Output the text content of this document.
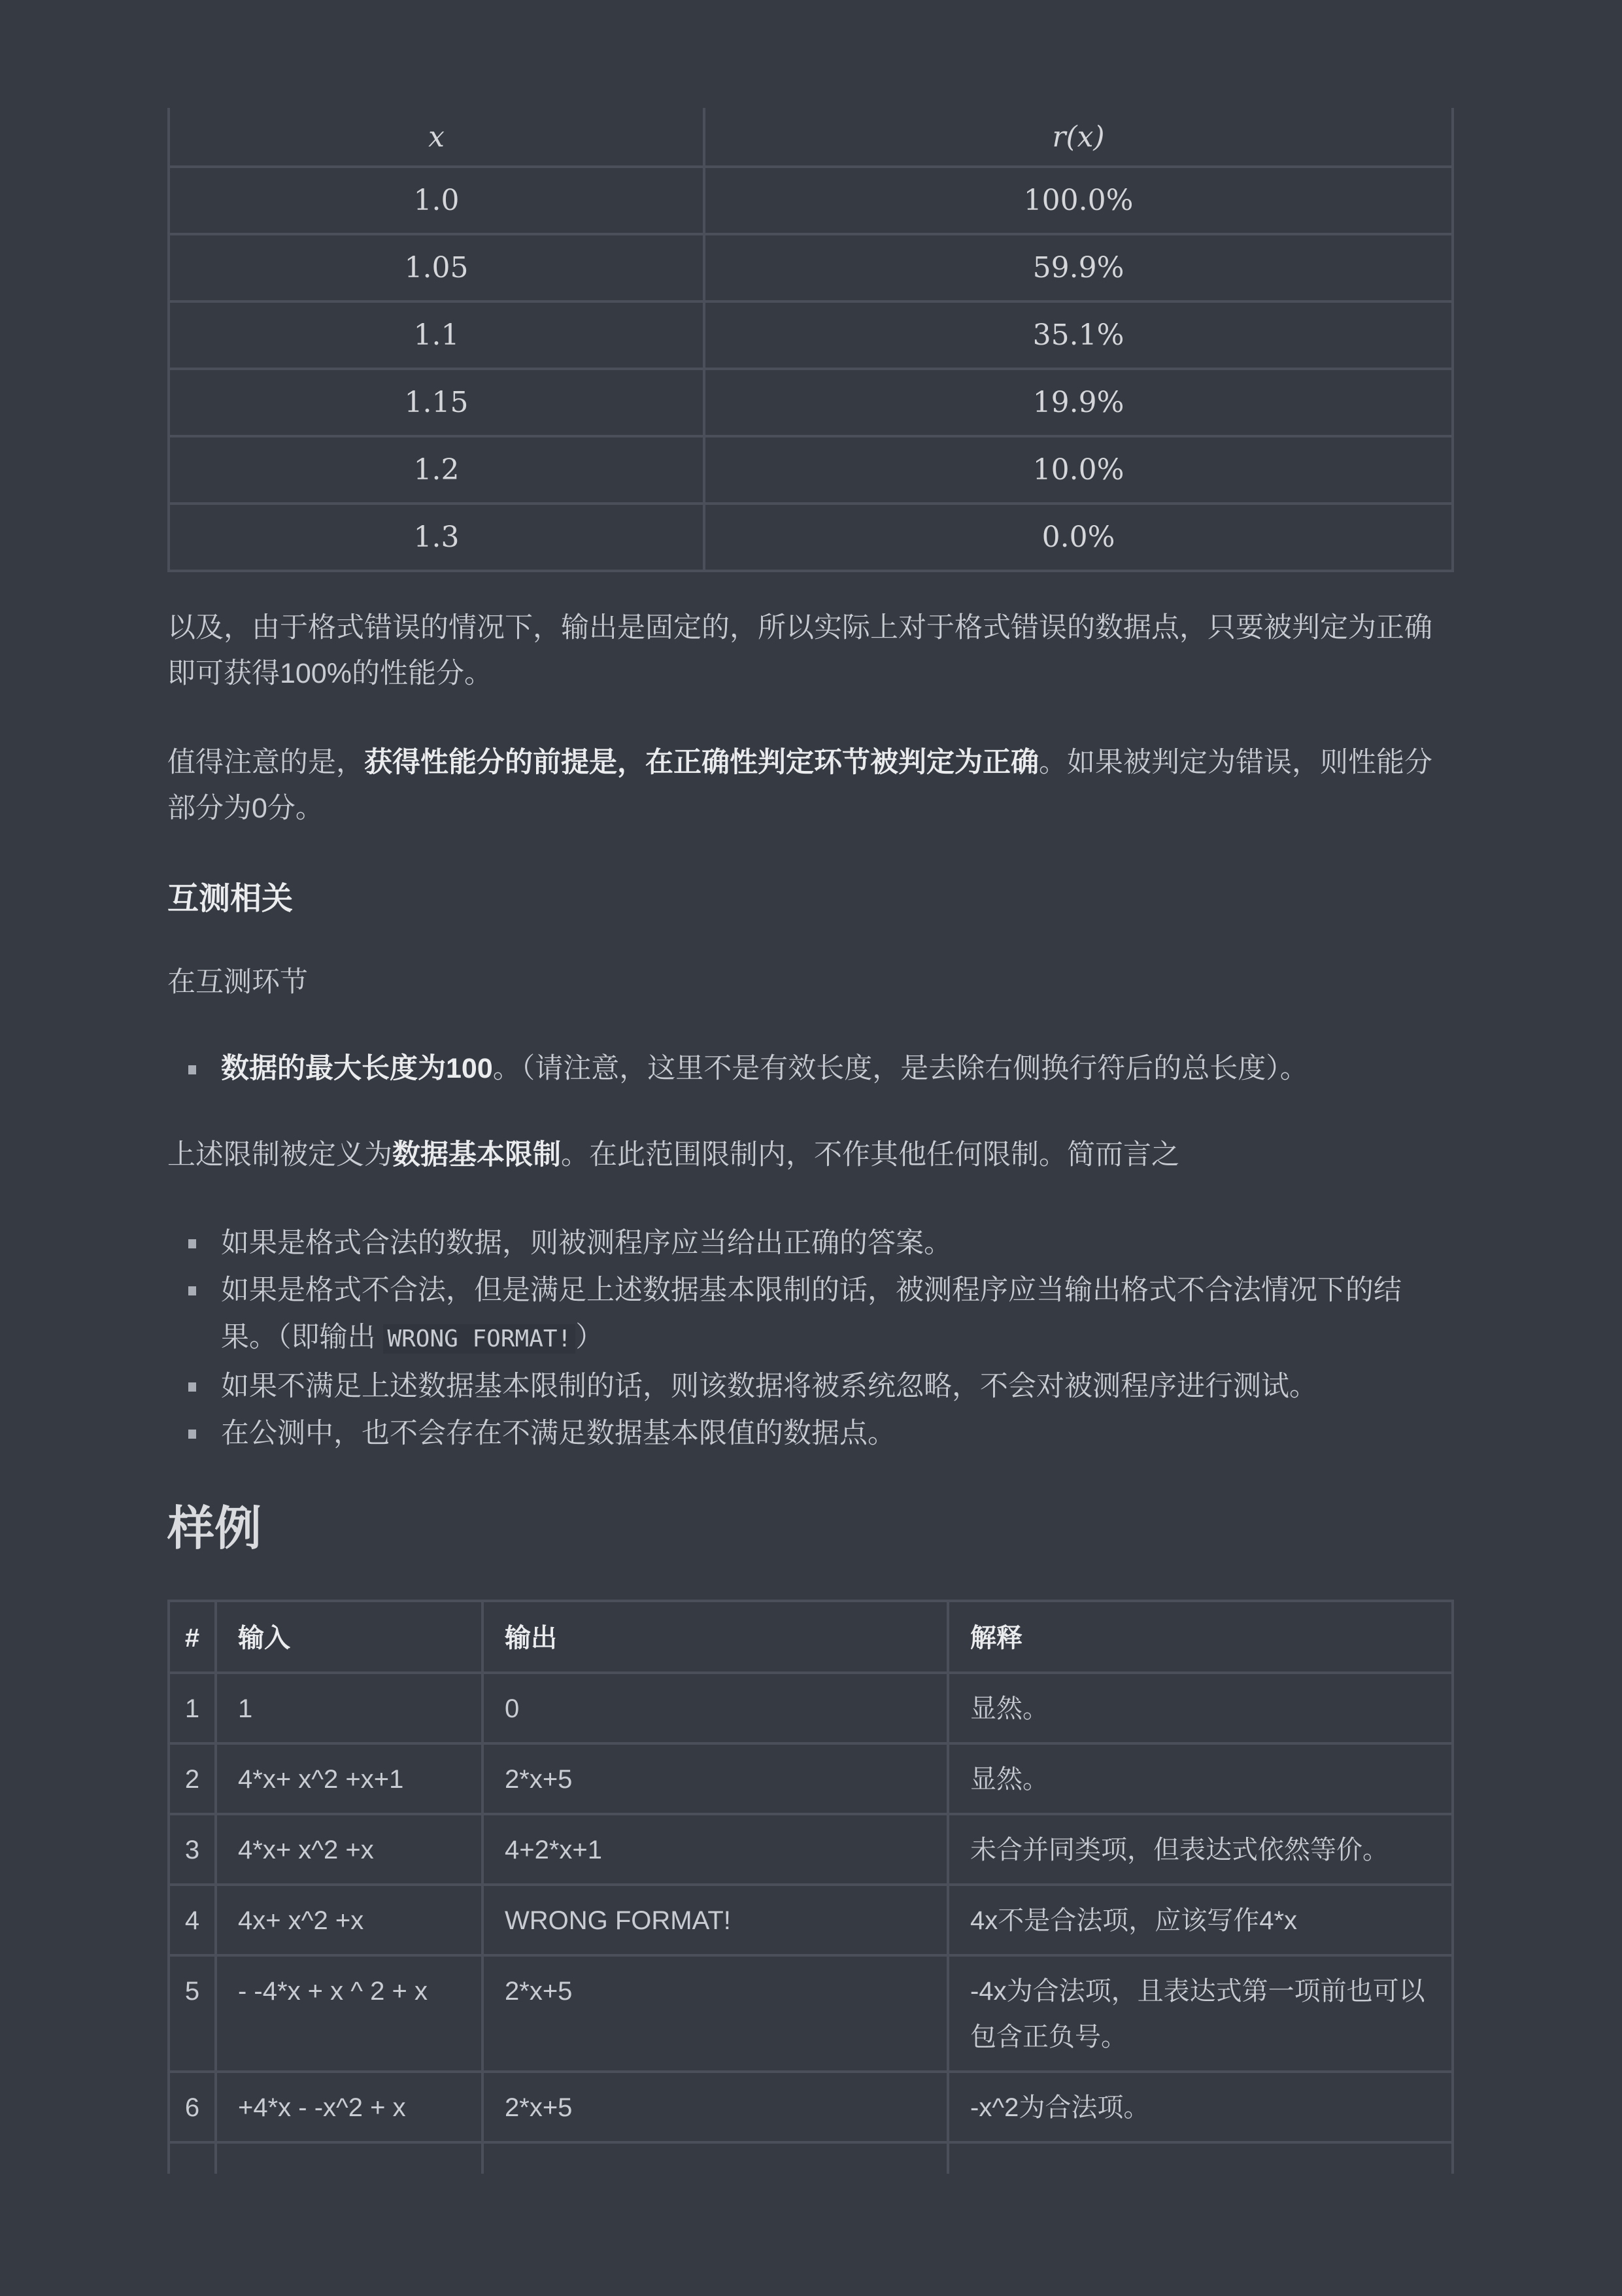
x	r(x)
1.0	100.0%
1.05	59.9%
1.1	35.1%
1.15	19.9%
1.2	10.0%
1.3	0.0%

以及，由于格式错误的情况下，输出是固定的，所以实际上对于格式错误的数据点，只要被判定为正确即可获得100%的性能分。

值得注意的是，获得性能分的前提是，在正确性判定环节被判定为正确。如果被判定为错误，则性能分部分为0分。

互测相关

在互测环节

数据的最大长度为100。（请注意，这里不是有效长度，是去除右侧换行符后的总长度）。

上述限制被定义为数据基本限制。在此范围限制内，不作其他任何限制。简而言之

如果是格式合法的数据，则被测程序应当给出正确的答案。
如果是格式不合法，但是满足上述数据基本限制的话，被测程序应当输出格式不合法情况下的结果。（即输出 WRONG FORMAT! ）
如果不满足上述数据基本限制的话，则该数据将被系统忽略，不会对被测程序进行测试。
在公测中，也不会存在不满足数据基本限值的数据点。
样例
#	输入	输出	解释
1	1	0	显然。
2	4*x+ x^2 +x+1	2*x+5	显然。
3	4*x+ x^2 +x	4+2*x+1	未合并同类项，但表达式依然等价。
4	4x+ x^2 +x	WRONG FORMAT!	4x不是合法项，应该写作4*x
5	- -4*x + x ^ 2 + x	2*x+5	-4x为合法项，且表达式第一项前也可以包含正负号。
6	+4*x - -x^2 + x	2*x+5	-x^2为合法项。
